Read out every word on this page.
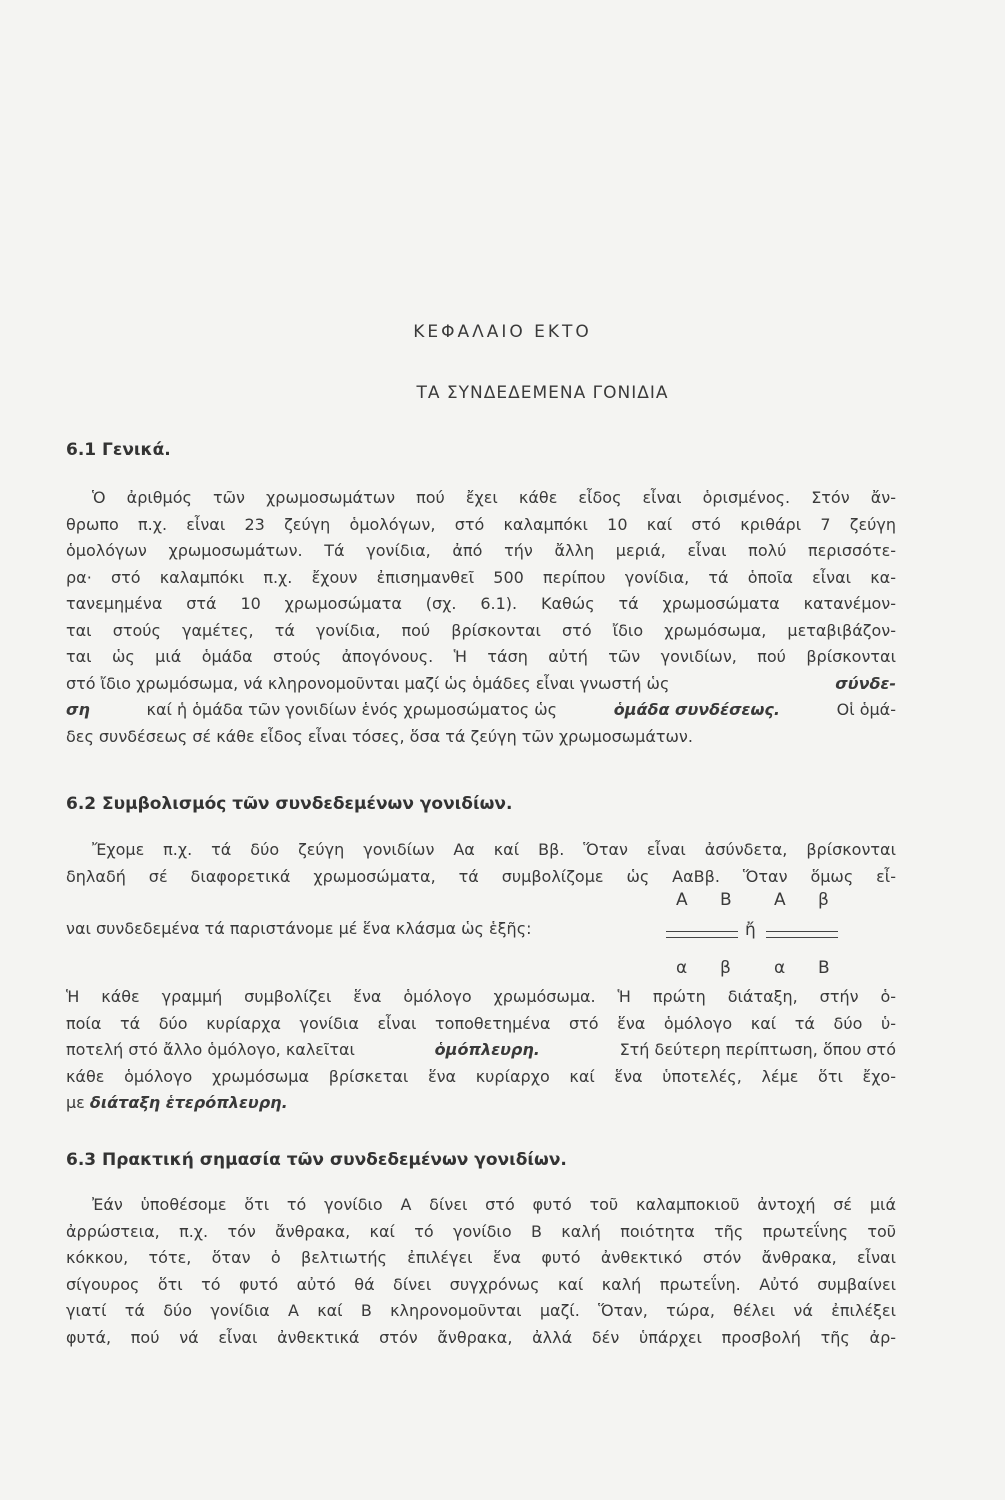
ΚΕΦΑΛΑΙΟ ΕΚΤΟ
ΤΑ ΣΥΝΔΕΔΕΜΕΝΑ ΓΟΝΙΔΙΑ
6.1 Γενικά.
Ὁ ἀριθμός τῶν χρωμοσωμάτων πού ἔχει κάθε εἶδος εἶναι ὁρισμένος. Στόν ἄν-
θρωπο π.χ. εἶναι 23 ζεύγη ὁμολόγων, στό καλαμπόκι 10 καί στό κριθάρι 7 ζεύγη
ὁμολόγων χρωμοσωμάτων. Τά γονίδια, ἀπό τήν ἄλλη μεριά, εἶναι πολύ περισσότε-
ρα· στό καλαμπόκι π.χ. ἔχουν ἐπισημανθεῖ 500 περίπου γονίδια, τά ὁποῖα εἶναι κα-
τανεμημένα στά 10 χρωμοσώματα (σχ. 6.1). Καθώς τά χρωμοσώματα κατανέμον-
ται στούς γαμέτες, τά γονίδια, πού βρίσκονται στό ἴδιο χρωμόσωμα, μεταβιβάζον-
ται ὡς μιά ὁμάδα στούς ἀπογόνους. Ἡ τάση αὐτή τῶν γονιδίων, πού βρίσκονται
στό ἴδιο χρωμόσωμα, νά κληρονομοῦνται μαζί ὡς ὁμάδες εἶναι γνωστή ὡς	σύνδε-
ση	καί ἡ ὁμάδα τῶν γονιδίων ἑνός χρωμοσώματος ὡς	ὁμάδα συνδέσεως.	Οἱ ὁμά-
δες συνδέσεως σέ κάθε εἶδος εἶναι τόσες, ὅσα τά ζεύγη τῶν χρωμοσωμάτων.
6.2 Συμβολισμός τῶν συνδεδεμένων γονιδίων.
Ἔχομε π.χ. τά δύο ζεύγη γονιδίων Αα καί Ββ. Ὅταν εἶναι ἀσύνδετα, βρίσκονται
δηλαδή σέ διαφορετικά χρωμοσώματα, τά συμβολίζομε ὡς ΑαΒβ. Ὅταν ὅμως εἶ-
ναι συνδεδεμένα τά παριστάνομε μέ ἕνα κλάσμα ὡς ἑξῆς:
Α Β Α β
ἤ
α β	α Β
Ἡ κάθε γραμμή συμβολίζει ἕνα ὁμόλογο χρωμόσωμα. Ἡ πρώτη διάταξη, στήν ὁ-
ποία τά δύο κυρίαρχα γονίδια εἶναι τοποθετημένα στό ἕνα ὁμόλογο καί τά δύο ὑ-
ποτελή στό ἄλλο ὁμόλογο, καλεῖται	ὁμόπλευρη.	Στή δεύτερη περίπτωση, ὅπου στό
κάθε ὁμόλογο χρωμόσωμα βρίσκεται ἕνα κυρίαρχο καί ἕνα ὑποτελές, λέμε ὅτι ἔχο-
με διάταξη ἑτερόπλευρη.
6.3 Πρακτική σημασία τῶν συνδεδεμένων γονιδίων.
Ἐάν ὑποθέσομε ὅτι τό γονίδιο Α δίνει στό φυτό τοῦ καλαμποκιοῦ ἀντοχή σέ μιά
ἀρρώστεια, π.χ. τόν ἄνθρακα, καί τό γονίδιο Β καλή ποιότητα τῆς πρωτεΐνης τοῦ
κόκκου, τότε, ὅταν ὁ βελτιωτής ἐπιλέγει ἕνα φυτό ἀνθεκτικό στόν ἄνθρακα, εἶναι
σίγουρος ὅτι τό φυτό αὐτό θά δίνει συγχρόνως καί καλή πρωτεΐνη. Αὐτό συμβαίνει
γιατί τά δύο γονίδια Α καί Β κληρονομοῦνται μαζί. Ὅταν, τώρα, θέλει νά ἐπιλέξει
φυτά, πού νά εἶναι ἀνθεκτικά στόν ἄνθρακα, ἀλλά δέν ὑπάρχει προσβολή τῆς ἀρ-
